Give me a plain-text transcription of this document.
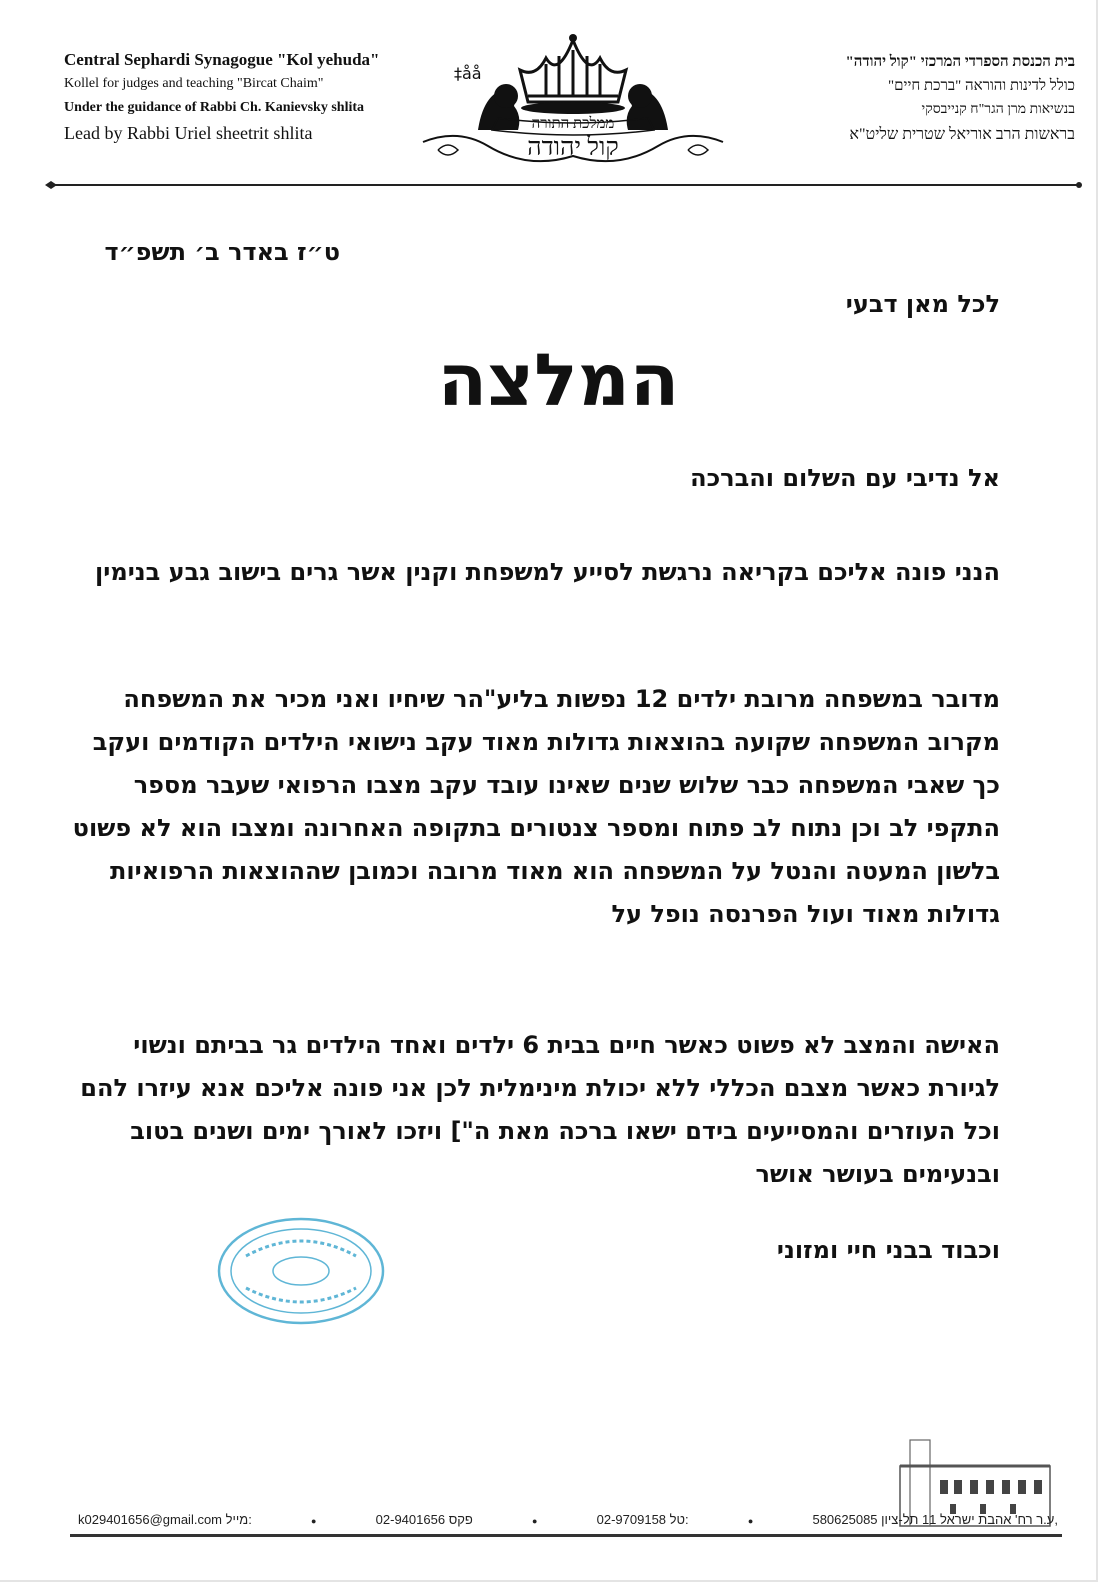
Central Sephardi Synagogue "Kol yehuda"
Kollel for judges and teaching "Bircat Chaim"
Under the guidance of Rabbi Ch. Kanievsky shlita
Lead by Rabbi Uriel sheetrit shlita
‡åå
ממלכת התורה
קול יהודה
בית הכנסת הספרדי המרכזי "קול יהודה"
כולל לדינות והוראה "ברכת חיים"
בנשיאות מרן הגר"ח קנייבסקי
בראשות הרב אוריאל שטרית שליט"א
ט״ז באדר ב׳ תשפ״ד
לכל מאן דבעי
המלצה
אל נדיבי עם השלום והברכה
הנני פונה אליכם בקריאה נרגשת לסייע למשפחת וקנין אשר גרים בישוב גבע בנימין
מדובר במשפחה מרובת ילדים 12 נפשות בליע"הר שיחיו ואני מכיר את המשפחה מקרוב המשפחה שקועה בהוצאות גדולות מאוד עקב נישואי הילדים הקודמים ועקב כך שאבי המשפחה כבר שלוש שנים שאינו עובד עקב מצבו הרפואי שעבר מספר התקפי לב וכן נתוח לב פתוח ומספר צנטורים בתקופה האחרונה ומצבו הוא לא פשוט בלשון המעטה והנטל על המשפחה הוא מאוד מרובה וכמובן שההוצאות הרפואיות גדולות מאוד ועול הפרנסה נופל על
האישה והמצב לא פשוט כאשר חיים בבית 6 ילדים ואחד הילדים גר בביתם ונשוי לגיורת כאשר מצבם הכללי ללא יכולת מינימלית לכן אני פונה אליכם אנא עיזרו להם וכל העוזרים והמסייעים בידם ישאו ברכה מאת ה"] ויזכו לאורך ימים ושנים בטוב ובנעימים בעושר אושר
וכבוד בבני חיי ומזוני
k029401656@gmail.com מייל:	●	02-9401656 פקס	●	02-9709158 טל:	●	580625085	ע.ר רח' אהבת ישראל 11 תל-ציון,
